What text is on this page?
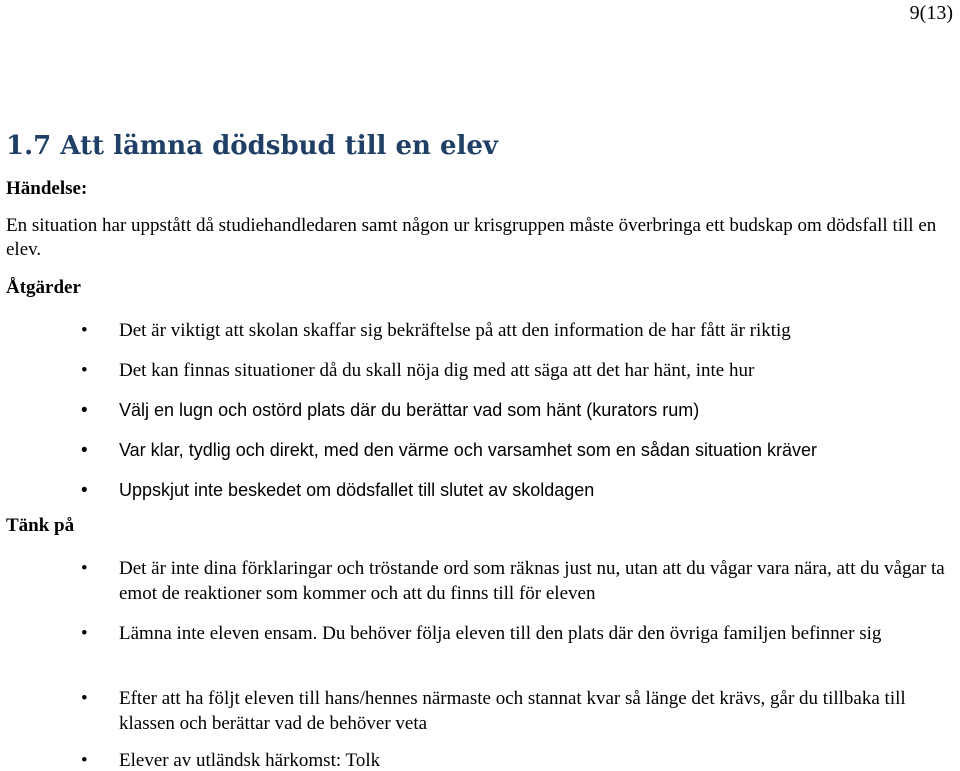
9(13)
1.7 Att lämna dödsbud till en elev
Händelse:

En situation har uppstått då studiehandledaren samt någon ur krisgruppen måste överbringa ett budskap om dödsfall till en elev.

Åtgärder
• Det är viktigt att skolan skaffar sig bekräftelse på att den information de har fått är riktig
• Det kan finnas situationer då du skall nöja dig med att säga att det har hänt, inte hur
• Välj en lugn och ostörd plats där du berättar vad som hänt (kurators rum)
• Var klar, tydlig och direkt, med den värme och varsamhet som en sådan situation kräver
• Uppskjut inte beskedet om dödsfallet till slutet av skoldagen
Tänk på
• Det är inte dina förklaringar och tröstande ord som räknas just nu, utan att du vågar vara nära, att du vågar ta emot de reaktioner som kommer och att du finns till för eleven
• Lämna inte eleven ensam. Du behöver följa eleven till den plats där den övriga familjen befinner sig
• Efter att ha följt eleven till hans/hennes närmaste och stannat kvar så länge det krävs, går du tillbaka till klassen och berättar vad de behöver veta
• Elever av utländsk härkomst: Tolk
